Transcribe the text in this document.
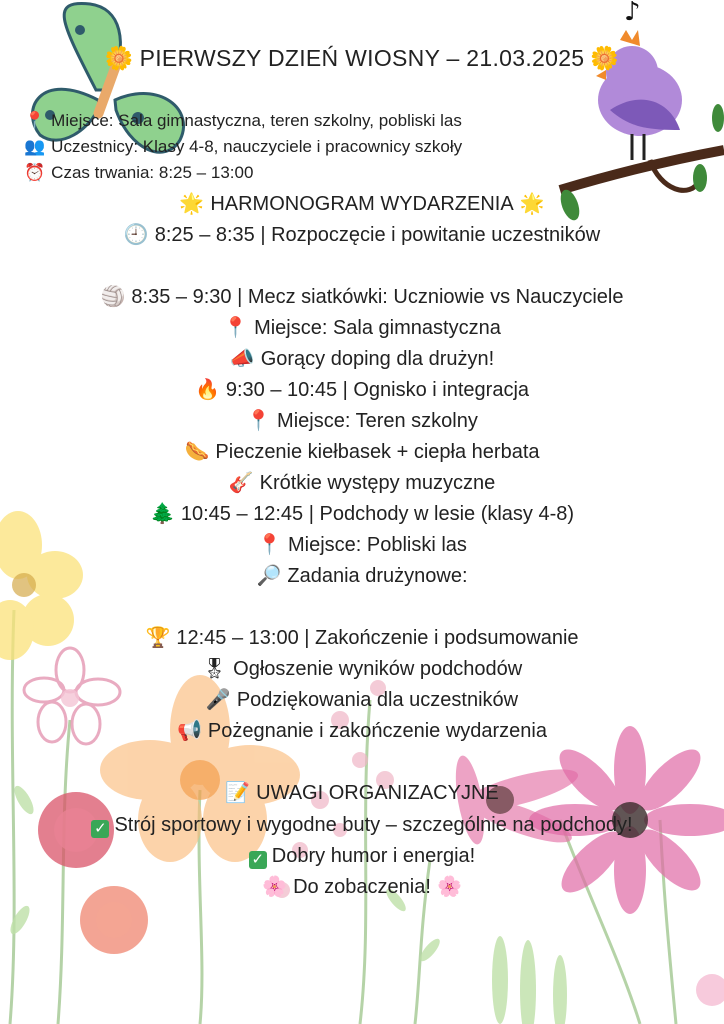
♪
🌼 PIERWSZY DZIEŃ WIOSNY – 21.03.2025 🌼
📍 Miejsce: Sala gimnastyczna, teren szkolny, pobliski las
👥 Uczestnicy: Klasy 4-8, nauczyciele i pracownicy szkoły
⏰ Czas trwania: 8:25 – 13:00
🌟 HARMONOGRAM WYDARZENIA 🌟
🕘 8:25 – 8:35 | Rozpoczęcie i powitanie uczestników
🏐 8:35 – 9:30 | Mecz siatkówki: Uczniowie vs Nauczyciele
📍 Miejsce: Sala gimnastyczna
📣 Gorący doping dla drużyn!
🔥 9:30 – 10:45 | Ognisko i integracja
📍 Miejsce: Teren szkolny
🌭 Pieczenie kiełbasek + ciepła herbata
🎸 Krótkie występy muzyczne
🌲 10:45 – 12:45 | Podchody w lesie (klasy 4-8)
📍 Miejsce: Pobliski las
🔎 Zadania drużynowe:
🏆 12:45 – 13:00 | Zakończenie i podsumowanie
🎖 Ogłoszenie wyników podchodów
🎤 Podziękowania dla uczestników
📢 Pożegnanie i zakończenie wydarzenia
📝 UWAGI ORGANIZACYJNE
✓ Strój sportowy i wygodne buty – szczególnie na podchody!
✓ Dobry humor i energia!
🌸 Do zobaczenia! 🌸
